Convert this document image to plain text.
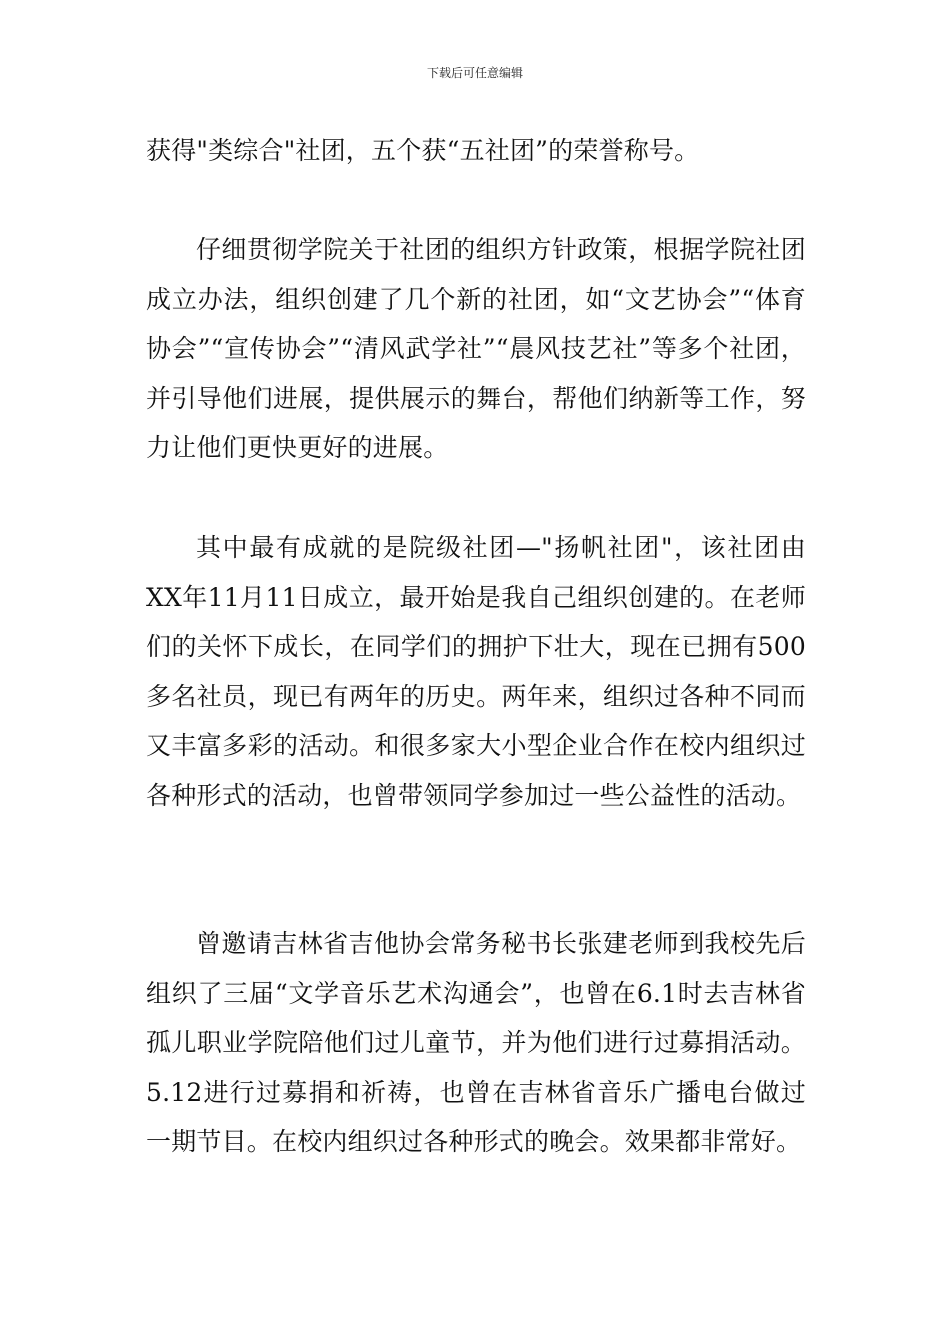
下载后可任意编辑

获得"类综合"社团，五个获“五社团”的荣誉称号。

仔细贯彻学院关于社团的组织方针政策，根据学院社团成立办法，组织创建了几个新的社团，如“文艺协会”“体育协会”“宣传协会”“清风武学社”“晨风技艺社”等多个社团，并引导他们进展，提供展示的舞台，帮他们纳新等工作，努力让他们更快更好的进展。

其中最有成就的是院级社团—"扬帆社团"，该社团由XX年11月11日成立，最开始是我自己组织创建的。在老师们的关怀下成长，在同学们的拥护下壮大，现在已拥有500多名社员，现已有两年的历史。两年来，组织过各种不同而又丰富多彩的活动。和很多家大小型企业合作在校内组织过各种形式的活动，也曾带领同学参加过一些公益性的活动。

曾邀请吉林省吉他协会常务秘书长张建老师到我校先后组织了三届“文学音乐艺术沟通会”，也曾在6.1时去吉林省孤儿职业学院陪他们过儿童节，并为他们进行过募捐活动。5.12进行过募捐和祈祷，也曾在吉林省音乐广播电台做过一期节目。在校内组织过各种形式的晚会。效果都非常好。
